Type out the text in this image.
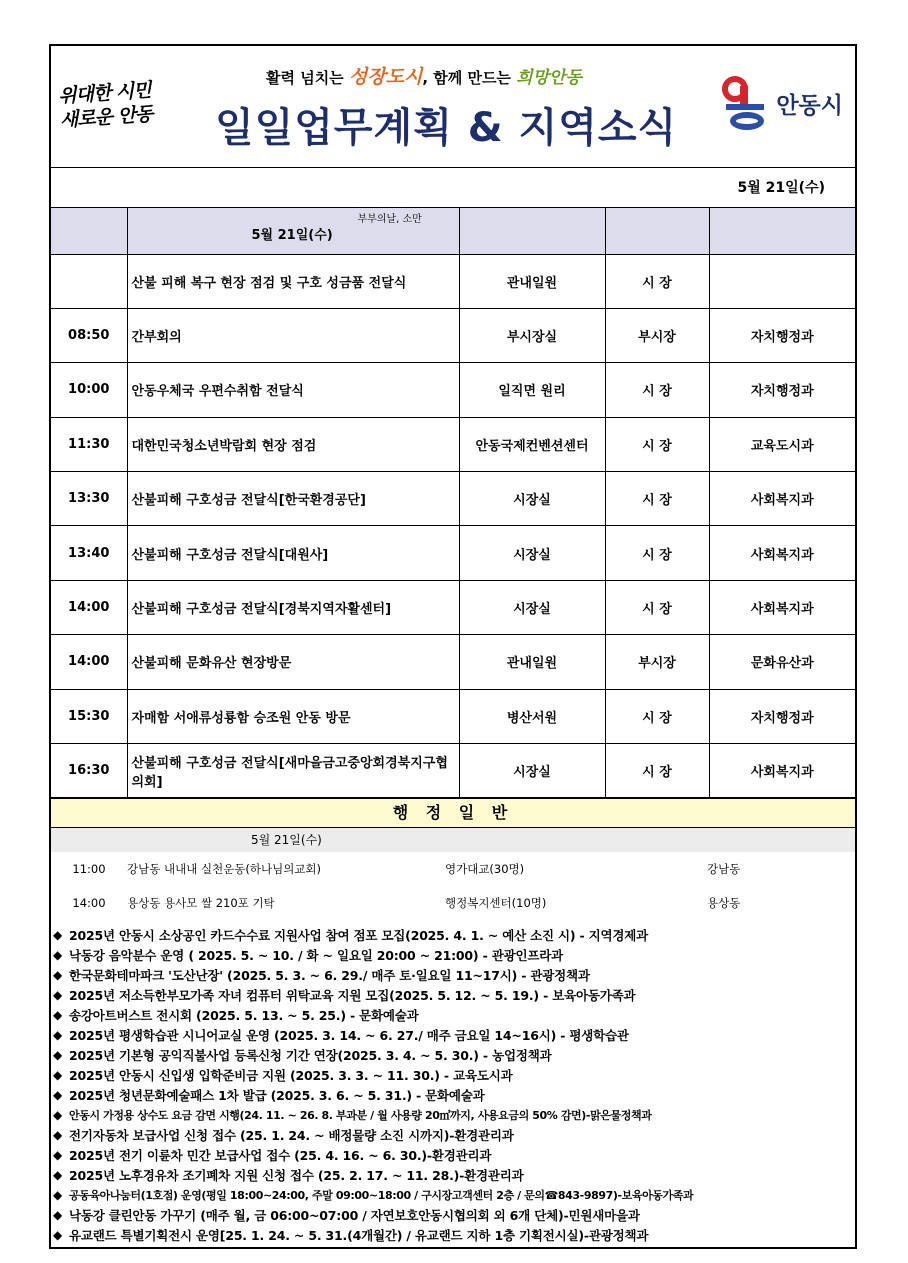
위대한 시민
새로운 안동
활력 넘치는 성장도시, 함께 만드는 희망안동
일일업무계획 & 지역소식	안동시
5월 21일(수)

	5월 21일(수)
부부의날, 소만			

	산불 피해 복구 현장 점검 및 구호 성금품 전달식	관내일원	시 장	
08:50	간부회의	부시장실	부시장	자치행정과
10:00	안동우체국 우편수취함 전달식	일직면 원리	시 장	자치행정과
11:30	대한민국청소년박람회 현장 점검	안동국제컨벤션센터	시 장	교육도시과
13:30	산불피해 구호성금 전달식[한국환경공단]	시장실	시 장	사회복지과
13:40	산불피해 구호성금 전달식[대원사]	시장실	시 장	사회복지과
14:00	산불피해 구호성금 전달식[경북지역자활센터]	시장실	시 장	사회복지과
14:00	산불피해 문화유산 현장방문	관내일원	부시장	문화유산과
15:30	자매함 서애류성룡함 승조원 안동 방문	병산서원	시 장	자치행정과
16:30	산불피해 구호성금 전달식[새마을금고중앙회경북지구협의회]	시장실	시 장	사회복지과
행 정 일 반
5월 21일(수)
11:00	강남동 내내내 실천운동(하나님의교회)	영가대교(30명)	강남동
14:00	용상동 용사모 쌀 210포 기탁	행정복지센터(10명)	용상동
◆ 2025년 안동시 소상공인 카드수수료 지원사업 참여 점포 모집(2025. 4. 1. ~ 예산 소진 시) - 지역경제과
◆ 낙동강 음악분수 운영 ( 2025. 5. ~ 10. / 화 ~ 일요일 20:00 ~ 21:00) - 관광인프라과
◆ 한국문화테마파크 '도산난장' (2025. 5. 3. ~ 6. 29./ 매주 토·일요일 11~17시) - 관광정책과
◆ 2025년 저소득한부모가족 자녀 컴퓨터 위탁교육 지원 모집(2025. 5. 12. ~ 5. 19.) - 보육아동가족과
◆ 송강아트버스트 전시회 (2025. 5. 13. ~ 5. 25.) - 문화예술과
◆ 2025년 평생학습관 시니어교실 운영 (2025. 3. 14. ~ 6. 27./ 매주 금요일 14~16시) - 평생학습관
◆ 2025년 기본형 공익직불사업 등록신청 기간 연장(2025. 3. 4. ~ 5. 30.) - 농업정책과
◆ 2025년 안동시 신입생 입학준비금 지원 (2025. 3. 3. ~ 11. 30.) - 교육도시과
◆ 2025년 청년문화예술패스 1차 발급 (2025. 3. 6. ~ 5. 31.) - 문화예술과
◆ 안동시 가정용 상수도 요금 감면 시행(24. 11. ~ 26. 8. 부과분 / 월 사용량 20㎥까지, 사용요금의 50% 감면)-맑은물정책과
◆ 전기자동차 보급사업 신청 접수 (25. 1. 24. ~ 배정물량 소진 시까지)-환경관리과
◆ 2025년 전기 이륜차 민간 보급사업 접수 (25. 4. 16. ~ 6. 30.)-환경관리과
◆ 2025년 노후경유차 조기폐차 지원 신청 접수 (25. 2. 17. ~ 11. 28.)-환경관리과
◆ 공동육아나눔터(1호점) 운영(평일 18:00~24:00, 주말 09:00~18:00 / 구시장고객센터 2층 / 문의☎843-9897)-보육아동가족과
◆ 낙동강 클린안동 가꾸기 (매주 월, 금 06:00~07:00 / 자연보호안동시협의회 외 6개 단체)-민원새마을과
◆ 유교랜드 특별기획전시 운영[25. 1. 24. ~ 5. 31.(4개월간) / 유교랜드 지하 1층 기획전시실)-관광정책과
